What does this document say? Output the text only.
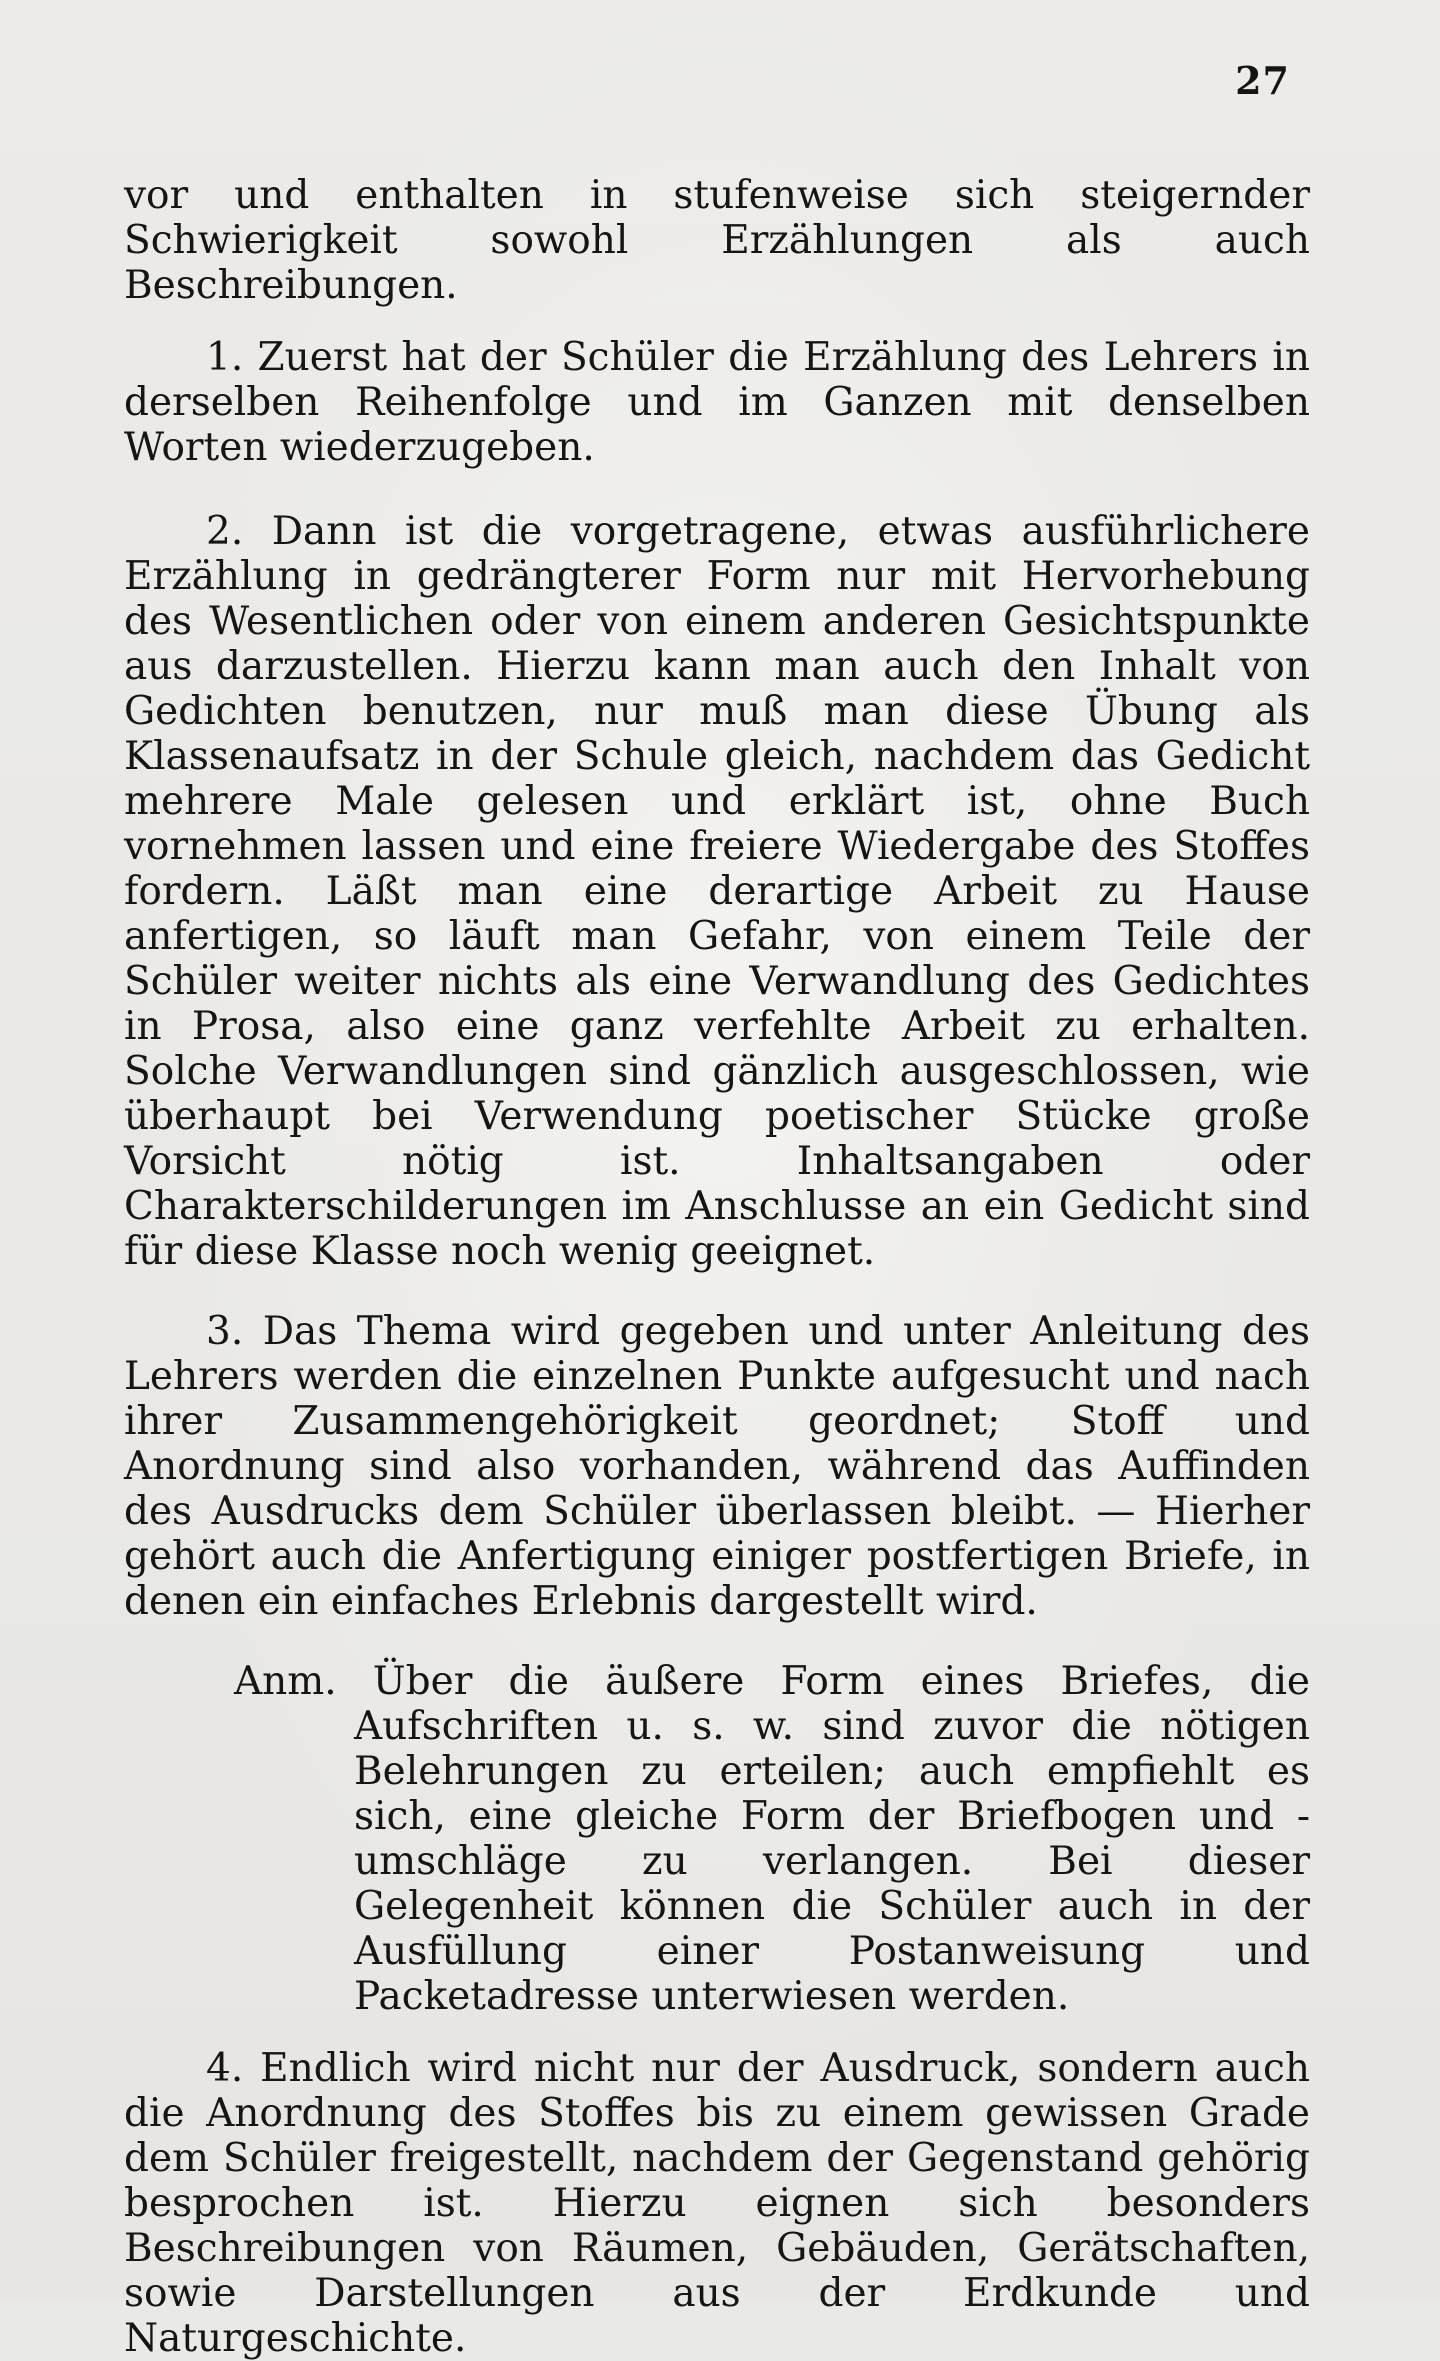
27

vor und enthalten in stufenweise sich steigernder Schwierigkeit sowohl Erzählungen als auch Beschreibungen.

1. Zuerst hat der Schüler die Erzählung des Lehrers in derselben Reihenfolge und im Ganzen mit denselben Worten wiederzugeben.

2. Dann ist die vorgetragene, etwas ausführlichere Erzählung in gedrängterer Form nur mit Hervorhebung des Wesentlichen oder von einem anderen Gesichtspunkte aus darzustellen. Hierzu kann man auch den Inhalt von Gedichten benutzen, nur muß man diese Übung als Klassenaufsatz in der Schule gleich, nachdem das Gedicht mehrere Male gelesen und erklärt ist, ohne Buch vornehmen lassen und eine freiere Wiedergabe des Stoffes fordern. Läßt man eine derartige Arbeit zu Hause anfertigen, so läuft man Gefahr, von einem Teile der Schüler weiter nichts als eine Verwandlung des Gedichtes in Prosa, also eine ganz verfehlte Arbeit zu erhalten. Solche Verwandlungen sind gänzlich ausgeschlossen, wie überhaupt bei Verwendung poetischer Stücke große Vorsicht nötig ist. Inhaltsangaben oder Charakterschilderungen im Anschlusse an ein Gedicht sind für diese Klasse noch wenig geeignet.

3. Das Thema wird gegeben und unter Anleitung des Lehrers werden die einzelnen Punkte aufgesucht und nach ihrer Zusammengehörigkeit geordnet; Stoff und Anordnung sind also vorhanden, während das Auffinden des Ausdrucks dem Schüler überlassen bleibt. — Hierher gehört auch die Anfertigung einiger postfertigen Briefe, in denen ein einfaches Erlebnis dargestellt wird.

Anm. Über die äußere Form eines Briefes, die Aufschriften u. s. w. sind zuvor die nötigen Belehrungen zu erteilen; auch empfiehlt es sich, eine gleiche Form der Briefbogen und -umschläge zu verlangen. Bei dieser Gelegenheit können die Schüler auch in der Ausfüllung einer Postanweisung und Packetadresse unterwiesen werden.

4. Endlich wird nicht nur der Ausdruck, sondern auch die Anordnung des Stoffes bis zu einem gewissen Grade dem Schüler freigestellt, nachdem der Gegenstand gehörig besprochen ist. Hierzu eignen sich besonders Beschreibungen von Räumen, Gebäuden, Gerätschaften, sowie Darstellungen aus der Erdkunde und Naturgeschichte.
